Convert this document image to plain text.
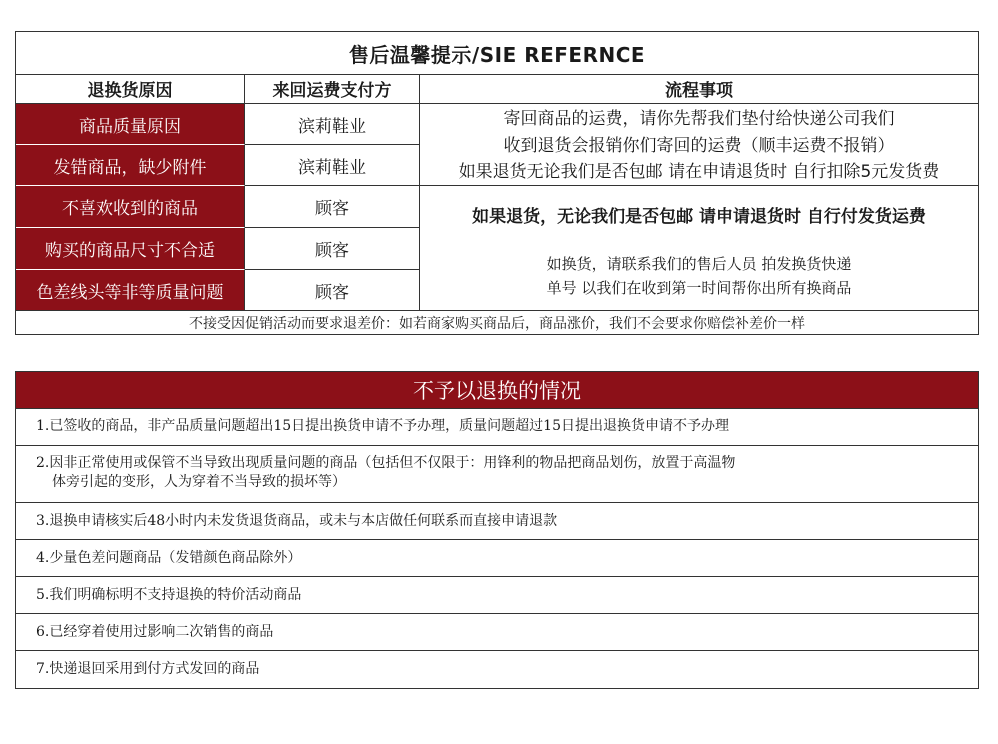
售后温馨提示/SIE REFERNCE
退换货原因	来回运费支付方	流程事项
商品质量原因	滨莉鞋业
发错商品，缺少附件	滨莉鞋业
不喜欢收到的商品	顾客
购买的商品尺寸不合适	顾客
色差线头等非等质量问题	顾客
寄回商品的运费，请你先帮我们垫付给快递公司我们
收到退货会报销你们寄回的运费（顺丰运费不报销）
如果退货无论我们是否包邮 请在申请退货时 自行扣除5元发货费
如果退货，无论我们是否包邮 请申请退货时 自行付发货运费
如换货，请联系我们的售后人员 拍发换货快递
单号 以我们在收到第一时间帮你出所有换商品
不接受因促销活动而要求退差价：如若商家购买商品后，商品涨价，我们不会要求你赔偿补差价一样
不予以退换的情况
1.已签收的商品，非产品质量问题超出15日提出换货申请不予办理，质量问题超过15日提出退换货申请不予办理
2.因非正常使用或保管不当导致出现质量问题的商品（包括但不仅限于：用锋利的物品把商品划伤，放置于高温物
体旁引起的变形，人为穿着不当导致的损坏等）
3.退换申请核实后48小时内未发货退货商品，或未与本店做任何联系而直接申请退款
4.少量色差问题商品（发错颜色商品除外）
5.我们明确标明不支持退换的特价活动商品
6.已经穿着使用过影响二次销售的商品
7.快递退回采用到付方式发回的商品
